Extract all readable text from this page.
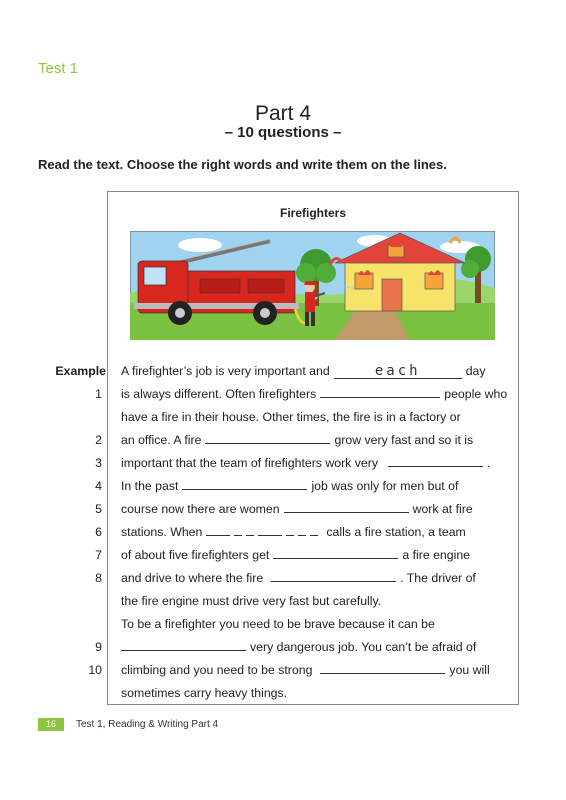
Test 1
Part 4
– 10 questions –
Read the text. Choose the right words and write them on the lines.
Firefighters
Example A firefighter’s job is very important and	each	day
1 is always different. Often firefighters	people who
have a fire in their house. Other times, the fire is in a factory or
2 an office. A fire	grow very fast and so it is
3 important that the team of firefighters work very	.
4 In the past	job was only for men but of
5 course now there are women	work at fire
6 stations. When	calls a fire station, a team
7 of about five firefighters get	a fire engine
8 and drive to where the fire	. The driver of
the fire engine must drive very fast but carefully.
To be a firefighter you need to be brave because it can be
9	very dangerous job. You can’t be afraid of
10 climbing and you need to be strong	you will
sometimes carry heavy things.
16	Test 1, Reading & Writing Part 4
